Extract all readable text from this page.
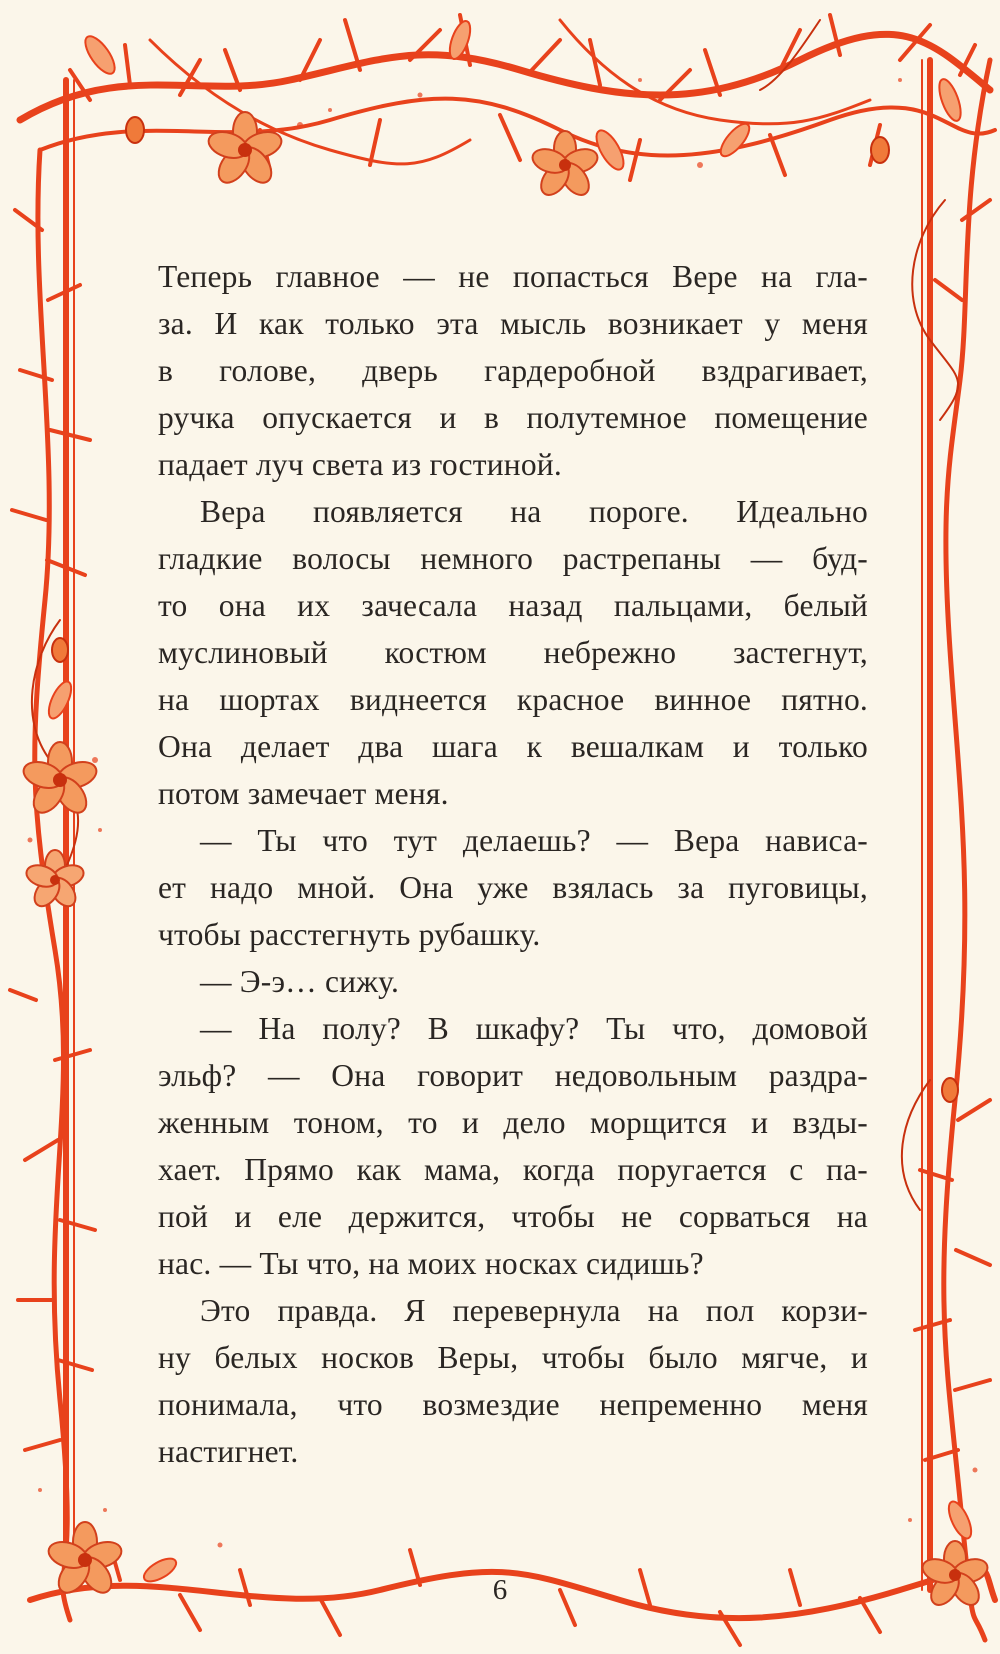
Теперь главное — не попасться Вере на гла-
за. И как только эта мысль возникает у меня
в голове, дверь гардеробной вздрагивает,
ручка опускается и в полутемное помещение
падает луч света из гостиной.

Вера появляется на пороге. Идеально
гладкие волосы немного растрепаны — буд-
то она их зачесала назад пальцами, белый
муслиновый костюм небрежно застегнут,
на шортах виднеется красное винное пятно.
Она делает два шага к вешалкам и только
потом замечает меня.

— Ты что тут делаешь? — Вера нависа-
ет надо мной. Она уже взялась за пуговицы,
чтобы расстегнуть рубашку.

— Э-э… сижу.

— На полу? В шкафу? Ты что, домовой
эльф? — Она говорит недовольным раздра-
женным тоном, то и дело морщится и взды-
хает. Прямо как мама, когда поругается с па-
пой и еле держится, чтобы не сорваться на
нас. — Ты что, на моих носках сидишь?

Это правда. Я перевернула на пол корзи-
ну белых носков Веры, чтобы было мягче, и
понимала, что возмездие непременно меня
настигнет.

6
